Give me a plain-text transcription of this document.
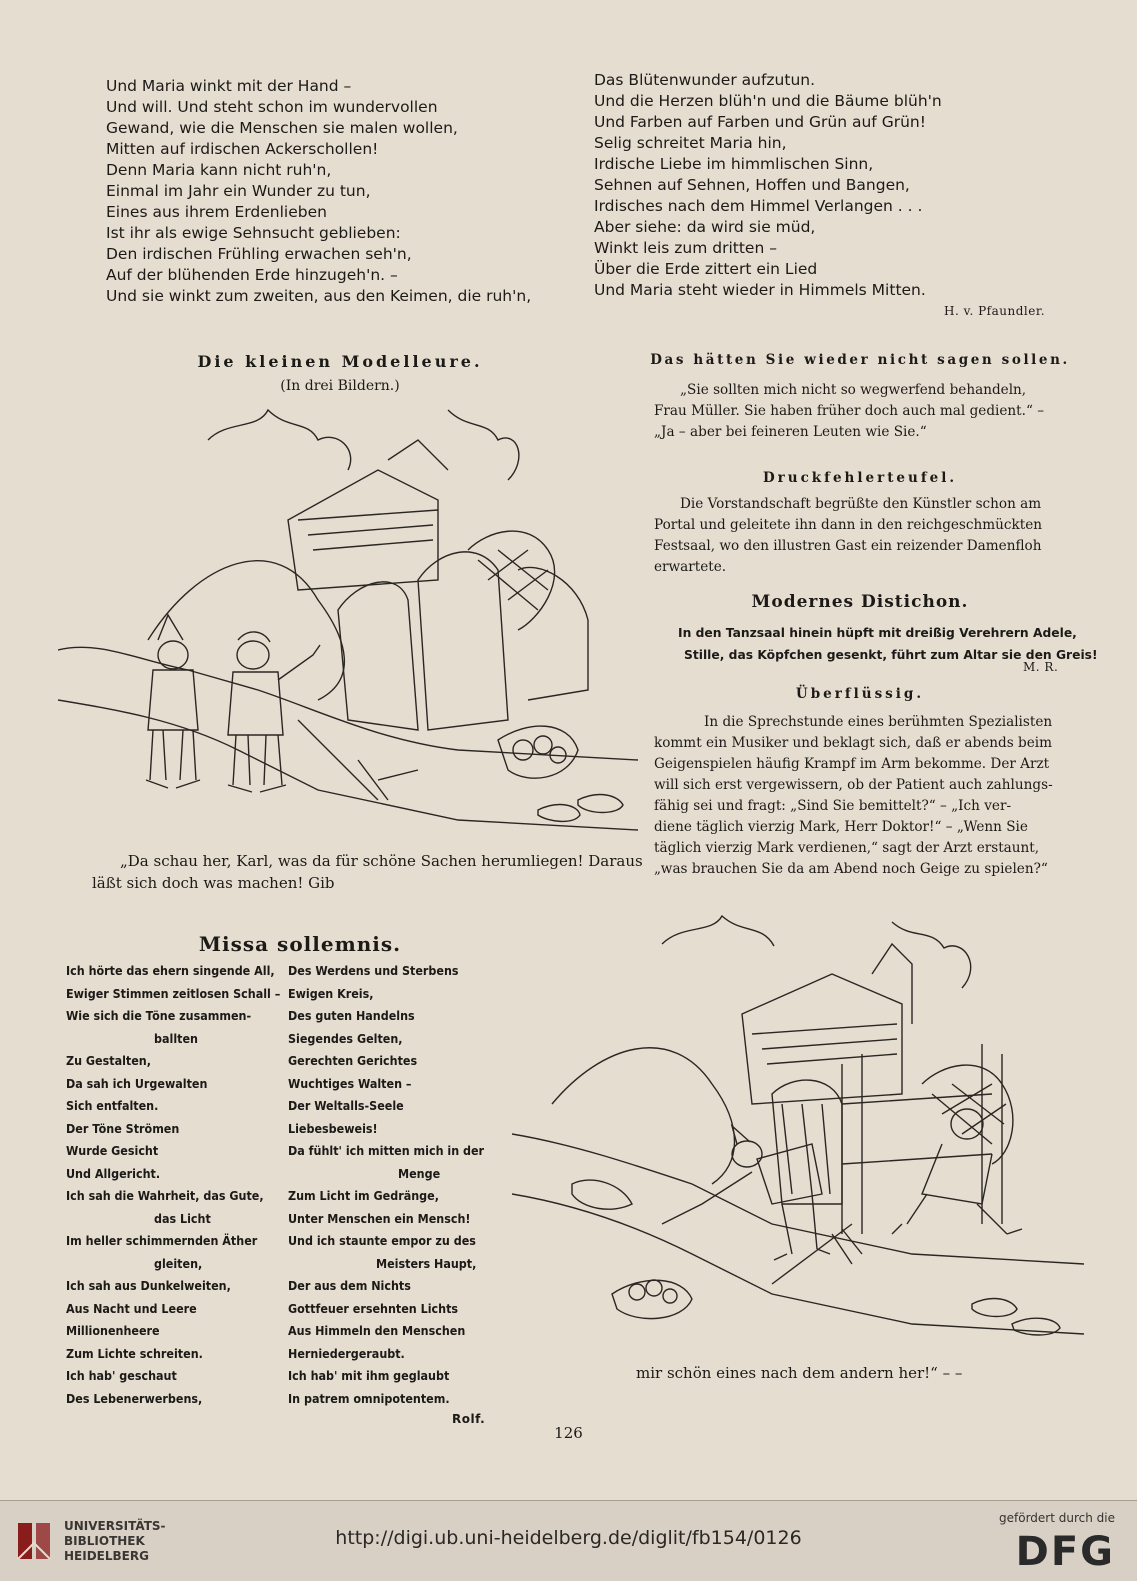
Und Maria winkt mit der Hand –
Und will. Und steht schon im wundervollen
Gewand, wie die Menschen sie malen wollen,
Mitten auf irdischen Ackerschollen!
Denn Maria kann nicht ruh'n,
Einmal im Jahr ein Wunder zu tun,
Eines aus ihrem Erdenlieben
Ist ihr als ewige Sehnsucht geblieben:
Den irdischen Frühling erwachen seh'n,
Auf der blühenden Erde hinzugeh'n. –
Und sie winkt zum zweiten, aus den Keimen, die ruh'n,
Das Blütenwunder aufzutun.
Und die Herzen blüh'n und die Bäume blüh'n
Und Farben auf Farben und Grün auf Grün!
Selig schreitet Maria hin,
Irdische Liebe im himmlischen Sinn,
Sehnen auf Sehnen, Hoffen und Bangen,
Irdisches nach dem Himmel Verlangen . . .
Aber siehe: da wird sie müd,
Winkt leis zum dritten –
Über die Erde zittert ein Lied
Und Maria steht wieder in Himmels Mitten.
H. v. Pfaundler.
Die kleinen Modelleure.
(In drei Bildern.)
„Da schau her, Karl, was da für schöne Sachen herumliegen! Daraus
läßt sich doch was machen! Gib
Das hätten Sie wieder nicht sagen sollen.
„Sie sollten mich nicht so wegwerfend behandeln,
Frau Müller. Sie haben früher doch auch mal gedient.“ –
„Ja – aber bei feineren Leuten wie Sie.“
Druckfehlerteufel.
Die Vorstandschaft begrüßte den Künstler schon am
Portal und geleitete ihn dann in den reichgeschmückten
Festsaal, wo den illustren Gast ein reizender Damenfloh
erwartete.
Modernes Distichon.
In den Tanzsaal hinein hüpft mit dreißig Verehrern Adele,
Stille, das Köpfchen gesenkt, führt zum Altar sie den Greis!
M. R.
Überflüssig.
In die Sprechstunde eines berühmten Spezialisten
kommt ein Musiker und beklagt sich, daß er abends beim
Geigenspielen häufig Krampf im Arm bekomme. Der Arzt
will sich erst vergewissern, ob der Patient auch zahlungs-
fähig sei und fragt: „Sind Sie bemittelt?“ – „Ich ver-
diene täglich vierzig Mark, Herr Doktor!“ – „Wenn Sie
täglich vierzig Mark verdienen,“ sagt der Arzt erstaunt,
„was brauchen Sie da am Abend noch Geige zu spielen?“
Missa sollemnis.
Ich hörte das ehern singende All,
Ewiger Stimmen zeitlosen Schall –
Wie sich die Töne zusammen-
ballten
Zu Gestalten,
Da sah ich Urgewalten
Sich entfalten.
Der Töne Strömen
Wurde Gesicht
Und Allgericht.
Ich sah die Wahrheit, das Gute,
das Licht
Im heller schimmernden Äther
gleiten,
Ich sah aus Dunkelweiten,
Aus Nacht und Leere
Millionenheere
Zum Lichte schreiten.
Ich hab' geschaut
Des Lebenerwerbens,
Des Werdens und Sterbens
Ewigen Kreis,
Des guten Handelns
Siegendes Gelten,
Gerechten Gerichtes
Wuchtiges Walten –
Der Weltalls-Seele
Liebesbeweis!
Da fühlt' ich mitten mich in der
Menge
Zum Licht im Gedränge,
Unter Menschen ein Mensch!
Und ich staunte empor zu des
Meisters Haupt,
Der aus dem Nichts
Gottfeuer ersehnten Lichts
Aus Himmeln den Menschen
Herniedergeraubt.
Ich hab' mit ihm geglaubt
In patrem omnipotentem.
Rolf.
mir schön eines nach dem andern her!“ – –
126
UNIVERSITÄTS-
BIBLIOTHEK
HEIDELBERG
http://digi.ub.uni-heidelberg.de/diglit/fb154/0126
gefördert durch die
DFG
